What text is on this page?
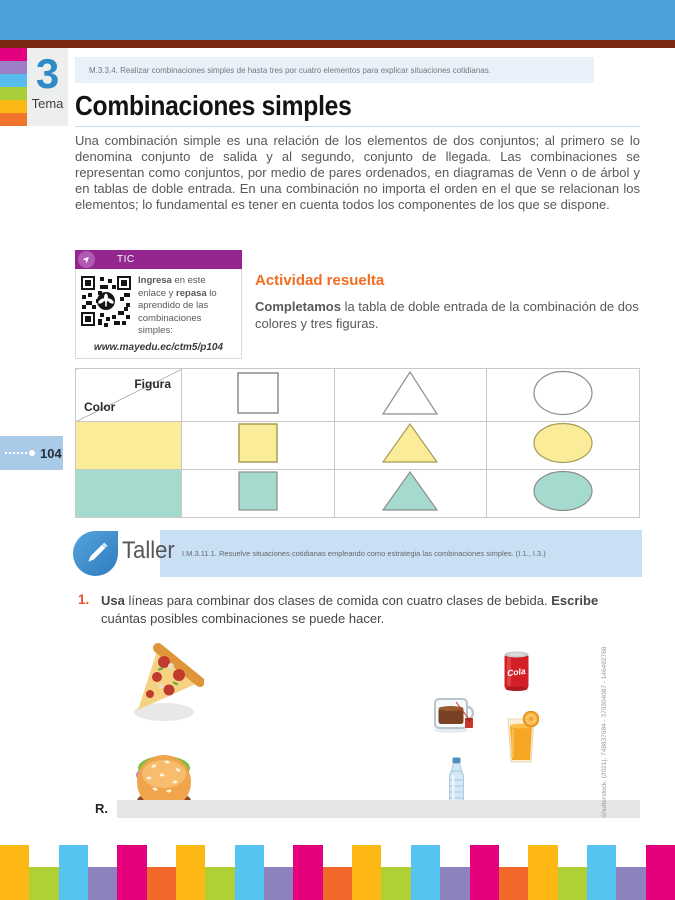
3
Tema
M.3.3.4. Realizar combinaciones simples de hasta tres por cuatro elementos para explicar situaciones cotidianas.
Combinaciones simples
Una combinación simple es una relación de los elementos de dos conjuntos; al primero se lo denomina conjunto de salida y al segundo, conjunto de llegada. Las combinaciones se representan como conjuntos, por medio de pares ordenados, en diagramas de Venn o de árbol y en tablas de doble entrada. En una combinación no importa el orden en el que se relacionan los elementos; lo fundamental es tener en cuenta todos los componentes de los que se dispone.
➤ TIC
Ingresa en este enlace y repasa lo aprendido de las combinaciones simples:
www.mayedu.ec/ctm5/p104
Actividad resuelta
Completamos la tabla de doble entrada de la combinación de dos colores y tres figuras.
Figura
Color

104
I.M.3.11.1. Resuelve situaciones cotidianas empleando como estrategia las combinaciones simples. (I.1., I.3.)
Taller
1. Usa líneas para combinar dos clases de comida con cuatro clases de bebida. Escribe cuántas posibles combinaciones se puede hacer.
Cola
R.	Shutterstock, (2021), 748837684 - 370304087 - 146492768
